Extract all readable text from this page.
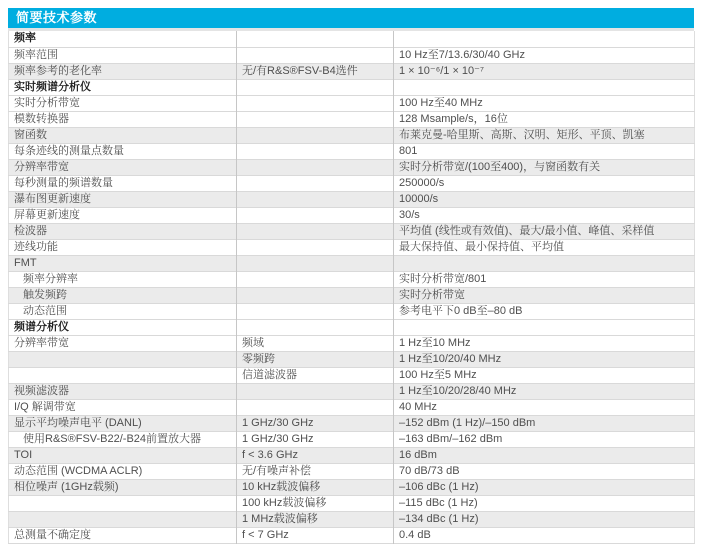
简要技术参数
频率		
频率范围		10 Hz至7/13.6/30/40 GHz
频率参考的老化率	无/有R&S®FSV-B4选件	1 × 10⁻⁶/1 × 10⁻⁷
实时频谱分析仪		
实时分析带宽		100 Hz至40 MHz
模数转换器		128 Msample/s，16位
窗函数		布莱克曼-哈里斯、高斯、汉明、矩形、平顶、凯塞
每条迹线的测量点数量		801
分辨率带宽		实时分析带宽/(100至400)，与窗函数有关
每秒测量的频谱数量		250000/s
瀑布图更新速度		10000/s
屏幕更新速度		30/s
检波器		平均值 (线性或有效值)、最大/最小值、峰值、采样值
迹线功能		最大保持值、最小保持值、平均值
FMT		
频率分辨率		实时分析带宽/801
触发频跨		实时分析带宽
动态范围		参考电平下0 dB至–80 dB
频谱分析仪		
分辨率带宽	频域	1 Hz至10 MHz
	零频跨	1 Hz至10/20/40 MHz
	信道滤波器	100 Hz至5 MHz
视频滤波器		1 Hz至10/20/28/40 MHz
I/Q 解调带宽		40 MHz
显示平均噪声电平 (DANL)	1 GHz/30 GHz	–152 dBm (1 Hz)/–150 dBm
使用R&S®FSV-B22/-B24前置放大器	1 GHz/30 GHz	–163 dBm/–162 dBm
TOI	f < 3.6 GHz	16 dBm
动态范围 (WCDMA ACLR)	无/有噪声补偿	70 dB/73 dB
相位噪声 (1GHz载频)	10 kHz载波偏移	–106 dBc (1 Hz)
	100 kHz载波偏移	–115 dBc (1 Hz)
	1 MHz载波偏移	–134 dBc (1 Hz)
总测量不确定度	f < 7 GHz	0.4 dB
